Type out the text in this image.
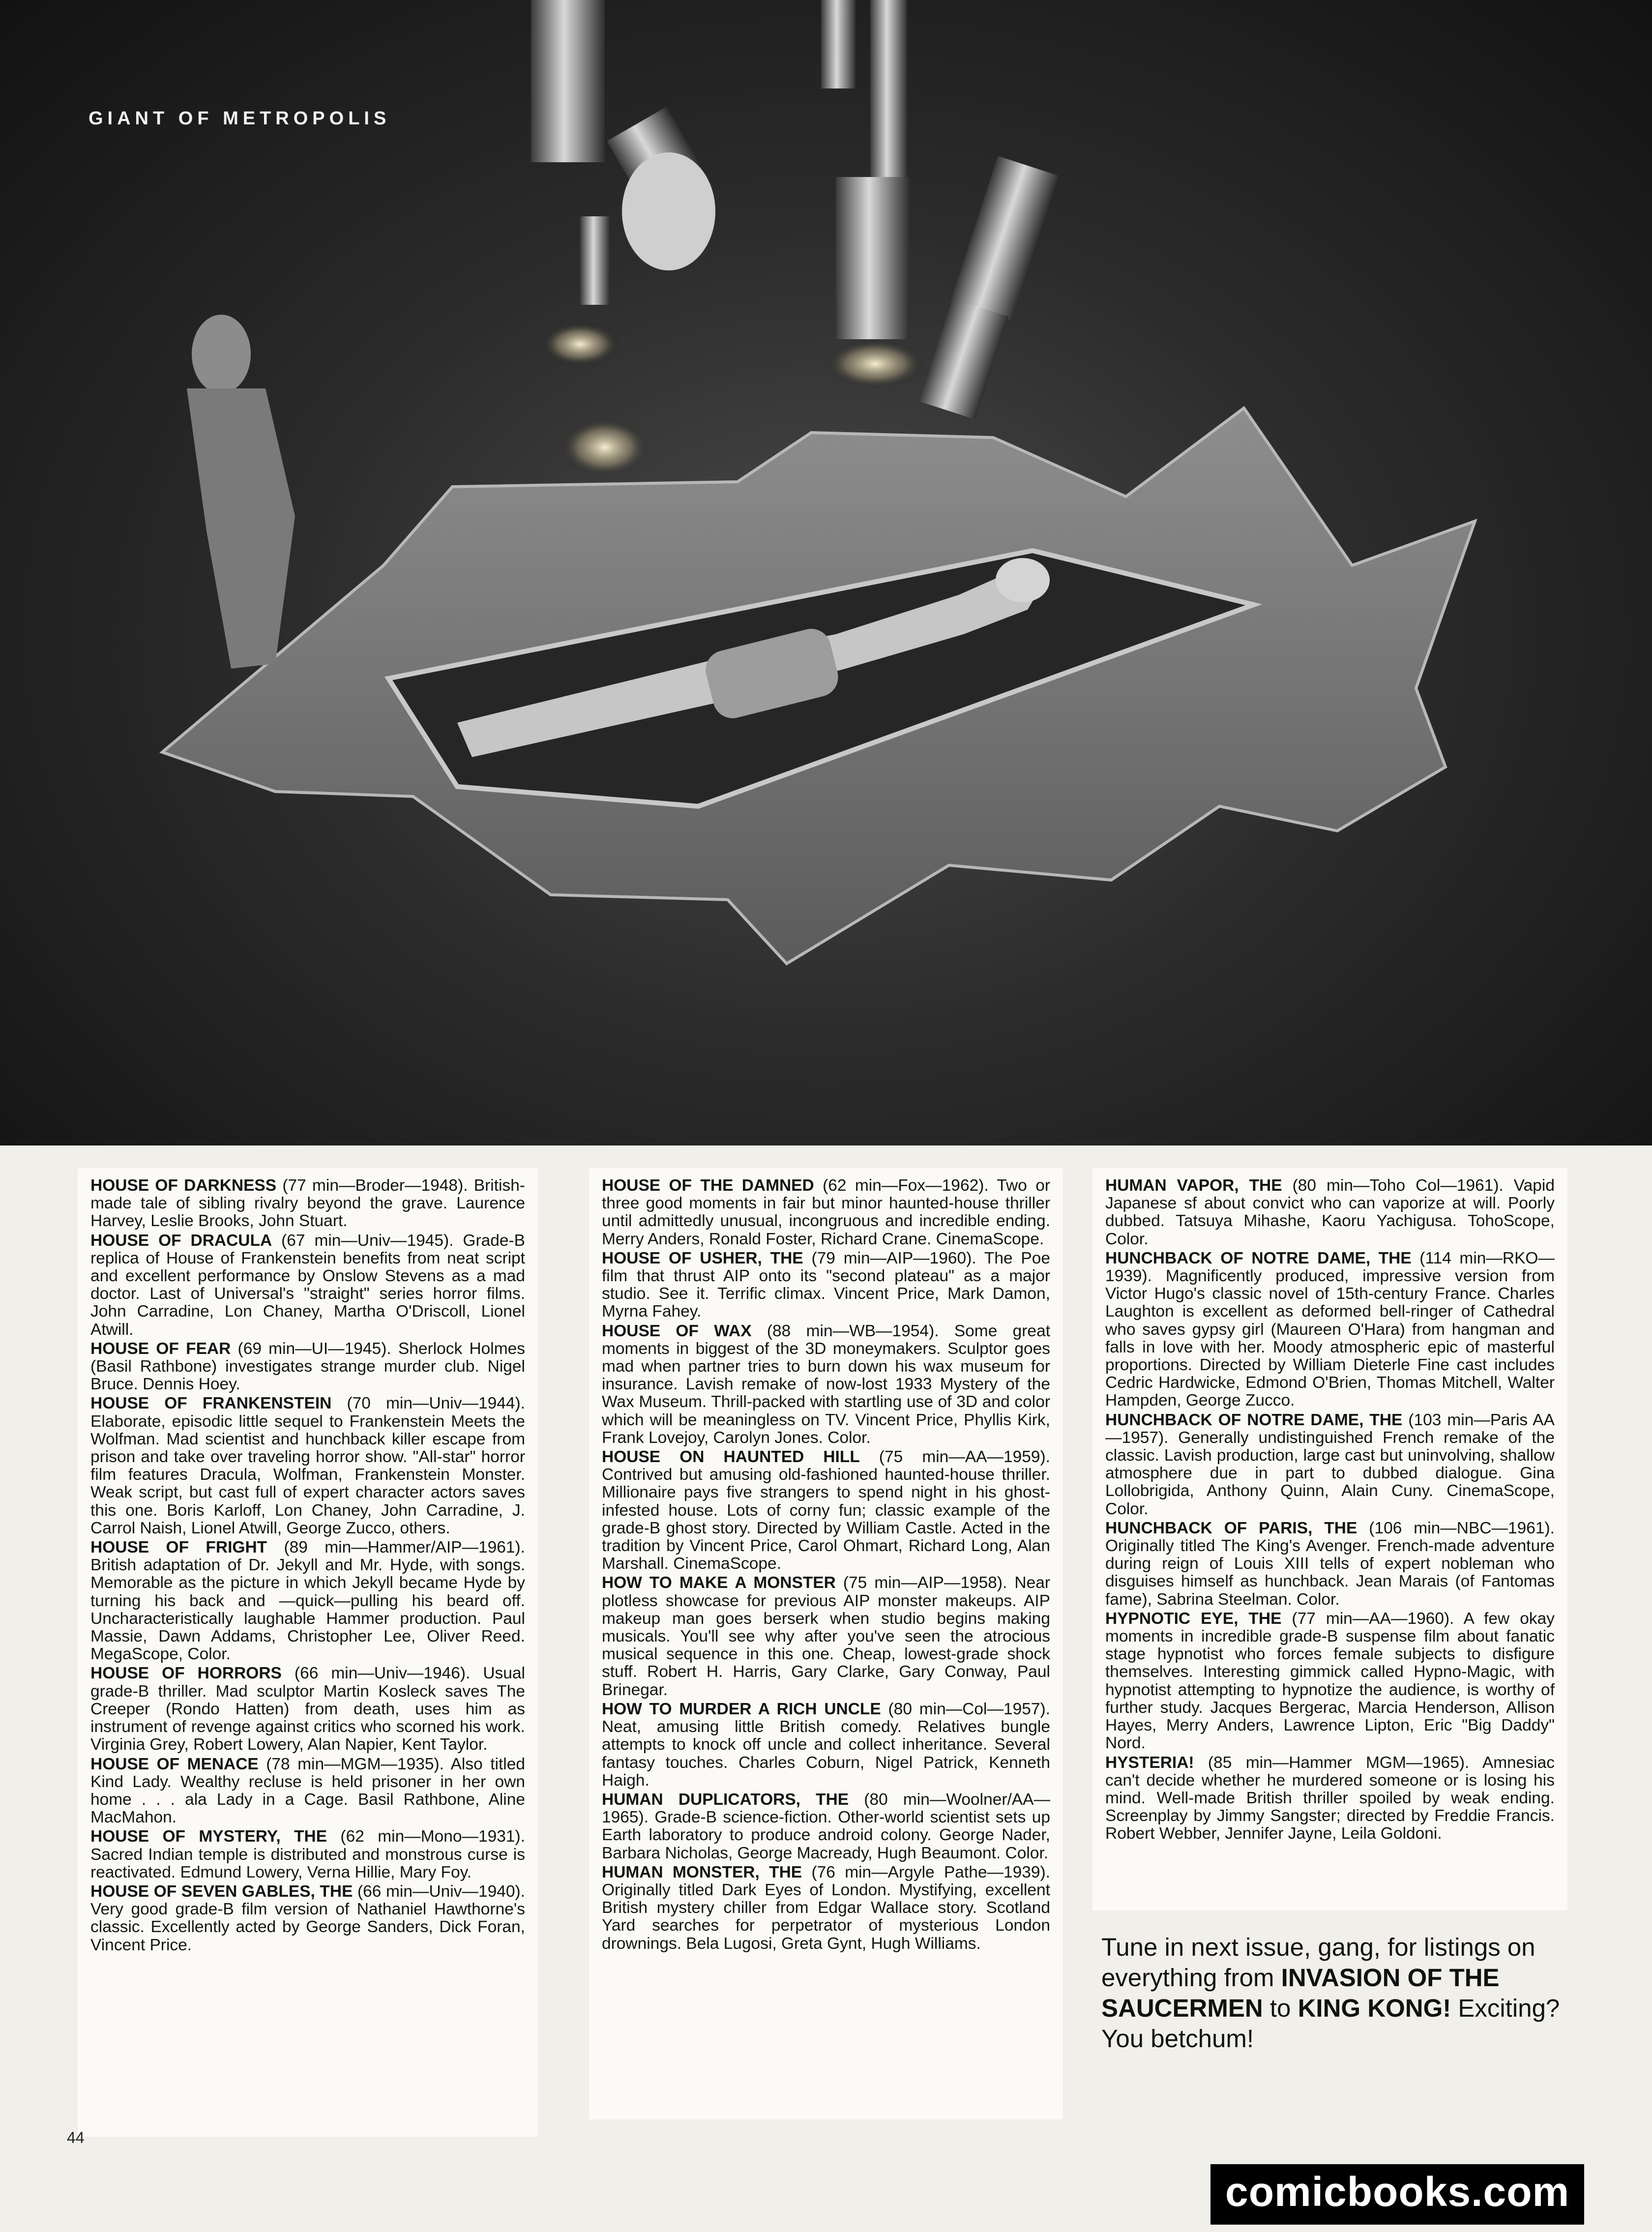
GIANT OF METROPOLIS

HOUSE OF DARKNESS (77 min—Broder—1948). British-made tale of sibling rivalry beyond the grave. Laurence Harvey, Leslie Brooks, John Stuart.

HOUSE OF DRACULA (67 min—Univ—1945). Grade-B replica of House of Frankenstein benefits from neat script and excellent performance by Onslow Stevens as a mad doctor. Last of Universal's "straight" series horror films. John Carradine, Lon Chaney, Martha O'Driscoll, Lionel Atwill.

HOUSE OF FEAR (69 min—UI—1945). Sherlock Holmes (Basil Rathbone) investigates strange murder club. Nigel Bruce. Dennis Hoey.

HOUSE OF FRANKENSTEIN (70 min—Univ—1944). Elaborate, episodic little sequel to Frankenstein Meets the Wolfman. Mad scientist and hunchback killer escape from prison and take over traveling horror show. "All-star" horror film features Dracula, Wolfman, Frankenstein Monster. Weak script, but cast full of expert character actors saves this one. Boris Karloff, Lon Chaney, John Carradine, J. Carrol Naish, Lionel Atwill, George Zucco, others.

HOUSE OF FRIGHT (89 min—Hammer/AIP—1961). British adaptation of Dr. Jekyll and Mr. Hyde, with songs. Memorable as the picture in which Jekyll became Hyde by turning his back and —quick—pulling his beard off. Uncharacteristically laughable Hammer production. Paul Massie, Dawn Addams, Christopher Lee, Oliver Reed. MegaScope, Color.

HOUSE OF HORRORS (66 min—Univ—1946). Usual grade-B thriller. Mad sculptor Martin Kosleck saves The Creeper (Rondo Hatten) from death, uses him as instrument of revenge against critics who scorned his work. Virginia Grey, Robert Lowery, Alan Napier, Kent Taylor.

HOUSE OF MENACE (78 min—MGM—1935). Also titled Kind Lady. Wealthy recluse is held prisoner in her own home . . . ala Lady in a Cage. Basil Rathbone, Aline MacMahon.

HOUSE OF MYSTERY, THE (62 min—Mono—1931). Sacred Indian temple is distributed and monstrous curse is reactivated. Edmund Lowery, Verna Hillie, Mary Foy.

HOUSE OF SEVEN GABLES, THE (66 min—Univ—1940). Very good grade-B film version of Nathaniel Hawthorne's classic. Excellently acted by George Sanders, Dick Foran, Vincent Price.

HOUSE OF THE DAMNED (62 min—Fox—1962). Two or three good moments in fair but minor haunted-house thriller until admittedly unusual, incongruous and incredible ending. Merry Anders, Ronald Foster, Richard Crane. CinemaScope.

HOUSE OF USHER, THE (79 min—AIP—1960). The Poe film that thrust AIP onto its "second plateau" as a major studio. See it. Terrific climax. Vincent Price, Mark Damon, Myrna Fahey.

HOUSE OF WAX (88 min—WB—1954). Some great moments in biggest of the 3D moneymakers. Sculptor goes mad when partner tries to burn down his wax museum for insurance. Lavish remake of now-lost 1933 Mystery of the Wax Museum. Thrill-packed with startling use of 3D and color which will be meaningless on TV. Vincent Price, Phyllis Kirk, Frank Lovejoy, Carolyn Jones. Color.

HOUSE ON HAUNTED HILL (75 min—AA—1959). Contrived but amusing old-fashioned haunted-house thriller. Millionaire pays five strangers to spend night in his ghost-infested house. Lots of corny fun; classic example of the grade-B ghost story. Directed by William Castle. Acted in the tradition by Vincent Price, Carol Ohmart, Richard Long, Alan Marshall. CinemaScope.

HOW TO MAKE A MONSTER (75 min—AIP—1958). Near plotless showcase for previous AIP monster makeups. AIP makeup man goes berserk when studio begins making musicals. You'll see why after you've seen the atrocious musical sequence in this one. Cheap, lowest-grade shock stuff. Robert H. Harris, Gary Clarke, Gary Conway, Paul Brinegar.

HOW TO MURDER A RICH UNCLE (80 min—Col—1957). Neat, amusing little British comedy. Relatives bungle attempts to knock off uncle and collect inheritance. Several fantasy touches. Charles Coburn, Nigel Patrick, Kenneth Haigh.

HUMAN DUPLICATORS, THE (80 min—Woolner/AA—1965). Grade-B science-fiction. Other-world scientist sets up Earth laboratory to produce android colony. George Nader, Barbara Nicholas, George Macready, Hugh Beaumont. Color.

HUMAN MONSTER, THE (76 min—Argyle Pathe—1939). Originally titled Dark Eyes of London. Mystifying, excellent British mystery chiller from Edgar Wallace story. Scotland Yard searches for perpetrator of mysterious London drownings. Bela Lugosi, Greta Gynt, Hugh Williams.

HUMAN VAPOR, THE (80 min—Toho Col—1961). Vapid Japanese sf about convict who can vaporize at will. Poorly dubbed. Tatsuya Mihashe, Kaoru Yachigusa. TohoScope, Color.

HUNCHBACK OF NOTRE DAME, THE (114 min—RKO—1939). Magnificently produced, impressive version from Victor Hugo's classic novel of 15th-century France. Charles Laughton is excellent as deformed bell-ringer of Cathedral who saves gypsy girl (Maureen O'Hara) from hangman and falls in love with her. Moody atmospheric epic of masterful proportions. Directed by William Dieterle Fine cast includes Cedric Hardwicke, Edmond O'Brien, Thomas Mitchell, Walter Hampden, George Zucco.

HUNCHBACK OF NOTRE DAME, THE (103 min—Paris AA—1957). Generally undistinguished French remake of the classic. Lavish production, large cast but uninvolving, shallow atmosphere due in part to dubbed dialogue. Gina Lollobrigida, Anthony Quinn, Alain Cuny. CinemaScope, Color.

HUNCHBACK OF PARIS, THE (106 min—NBC—1961). Originally titled The King's Avenger. French-made adventure during reign of Louis XIII tells of expert nobleman who disguises himself as hunchback. Jean Marais (of Fantomas fame), Sabrina Steelman. Color.

HYPNOTIC EYE, THE (77 min—AA—1960). A few okay moments in incredible grade-B suspense film about fanatic stage hypnotist who forces female subjects to disfigure themselves. Interesting gimmick called Hypno-Magic, with hypnotist attempting to hypnotize the audience, is worthy of further study. Jacques Bergerac, Marcia Henderson, Allison Hayes, Merry Anders, Lawrence Lipton, Eric "Big Daddy" Nord.

HYSTERIA! (85 min—Hammer MGM—1965). Amnesiac can't decide whether he murdered someone or is losing his mind. Well-made British thriller spoiled by weak ending. Screenplay by Jimmy Sangster; directed by Freddie Francis. Robert Webber, Jennifer Jayne, Leila Goldoni.

Tune in next issue, gang, for listings on everything from INVASION OF THE SAUCERMEN to KING KONG! Exciting? You betchum!
44
comicbooks.com
